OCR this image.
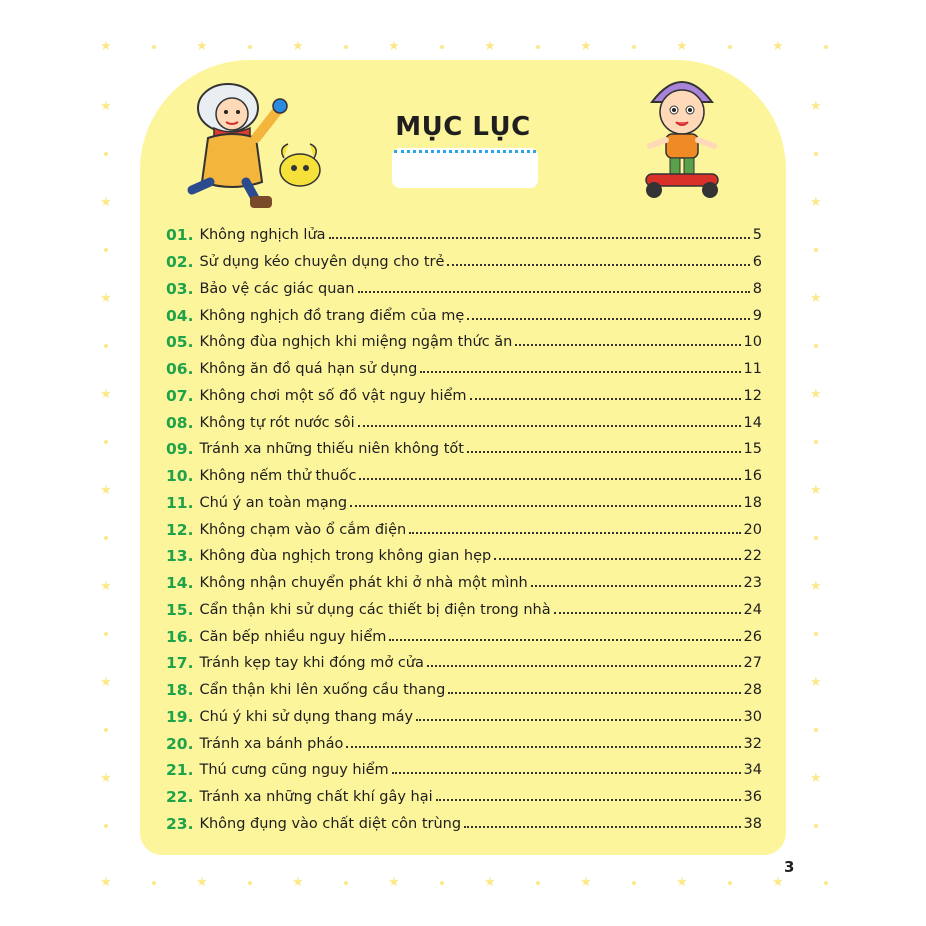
★
★
★
★
★
★
★
★
★
★
★
★
★
★
★
★
★	★
★	★
★	★
★	★
★	★
★	★
★	★
★	★
MỤC LỤC
01. Không nghịch lửa	5
02. Sử dụng kéo chuyên dụng cho trẻ	6
03. Bảo vệ các giác quan	8
04. Không nghịch đồ trang điểm của mẹ	9
05. Không đùa nghịch khi miệng ngậm thức ăn	10
06. Không ăn đồ quá hạn sử dụng	11
07. Không chơi một số đồ vật nguy hiểm	12
08. Không tự rót nước sôi	14
09. Tránh xa những thiếu niên không tốt	15
10. Không nếm thử thuốc	16
11. Chú ý an toàn mạng	18
12. Không chạm vào ổ cắm điện	20
13. Không đùa nghịch trong không gian hẹp	22
14. Không nhận chuyển phát khi ở nhà một mình	23
15. Cẩn thận khi sử dụng các thiết bị điện trong nhà	24
16. Căn bếp nhiều nguy hiểm	26
17. Tránh kẹp tay khi đóng mở cửa	27
18. Cẩn thận khi lên xuống cầu thang	28
19. Chú ý khi sử dụng thang máy	30
20. Tránh xa bánh pháo	32
21. Thú cưng cũng nguy hiểm	34
22. Tránh xa những chất khí gây hại	36
23. Không đụng vào chất diệt côn trùng	38
3
